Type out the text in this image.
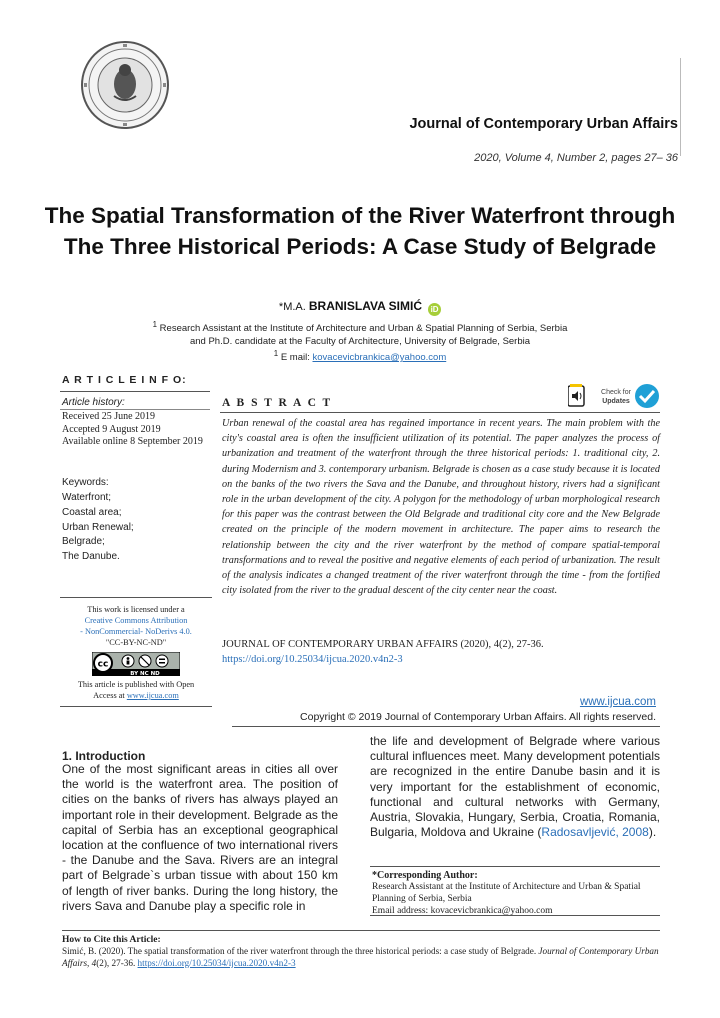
Journal of Contemporary Urban Affairs
2020, Volume 4, Number 2, pages 27– 36
The Spatial Transformation of the River Waterfront through The Three Historical Periods: A Case Study of Belgrade
*M.A. BRANISLAVA SIMIĆ iD
$^1$ Research Assistant at the Institute of Architecture and Urban & Spatial Planning of Serbia, Serbia
and Ph.D. candidate at the Faculty of Architecture, University of Belgrade, Serbia
$^1$ E mail: kovacevicbrankica@yahoo.com
A R T I C L E I N F O:
Article history:
Received 25 June 2019
Accepted 9 August 2019
Available online 8 September 2019
Keywords:
Waterfront;
Coastal area;
Urban Renewal;
Belgrade;
The Danube.
This work is licensed under a
Creative Commons Attribution
- NonCommercial- NoDerivs 4.0.
"CC-BY-NC-ND"
cc
BY NC ND
This article is published with Open
Access at www.ijcua.com
A B S T R A C T
Check for
Updates
Urban renewal of the coastal area has regained importance in recent years. The main problem with the city's coastal area is often the insufficient utilization of its potential. The paper analyzes the process of urbanization and treatment of the waterfront through the three historical periods: 1. traditional city, 2. during Modernism and 3. contemporary urbanism. Belgrade is chosen as a case study because it is located on the banks of the two rivers the Sava and the Danube, and throughout history, rivers had a significant role in the urban development of the city. A polygon for the methodology of urban morphological research for this paper was the contrast between the Old Belgrade and traditional city core and the New Belgrade created on the principle of the modern movement in architecture. The paper aims to research the relationship between the city and the river waterfront by the method of compare spatial-temporal transformations and to reveal the positive and negative elements of each period of urbanization. The result of the analysis indicates a changed treatment of the river waterfront through the time - from the fortified city isolated from the river to the gradual descent of the city center near the coast.
JOURNAL OF CONTEMPORARY URBAN AFFAIRS (2020), 4(2), 27-36.
https://doi.org/10.25034/ijcua.2020.v4n2-3
www.ijcua.com
Copyright © 2019 Journal of Contemporary Urban Affairs. All rights reserved.
1. Introduction
One of the most significant areas in cities all over the world is the waterfront area. The position of cities on the banks of rivers has always played an important role in their development. Belgrade as the capital of Serbia has an exceptional geographical location at the confluence of two international rivers - the Danube and the Sava. Rivers are an integral part of Belgrade`s urban tissue with about 150 km of length of river banks. During the long history, the rivers Sava and Danube play a specific role in
the life and development of Belgrade where various cultural influences meet. Many development potentials are recognized in the entire Danube basin and it is very important for the establishment of economic, functional and cultural networks with Germany, Austria, Slovakia, Hungary, Serbia, Croatia, Romania, Bulgaria, Moldova and Ukraine (Radosavljević, 2008).
*Corresponding Author:
Research Assistant at the Institute of Architecture and Urban & Spatial Planning of Serbia, Serbia
Email address: kovacevicbrankica@yahoo.com
How to Cite this Article:
Simić, B. (2020). The spatial transformation of the river waterfront through the three historical periods: a case study of Belgrade. Journal of Contemporary Urban Affairs, 4(2), 27-36. https://doi.org/10.25034/ijcua.2020.v4n2-3
